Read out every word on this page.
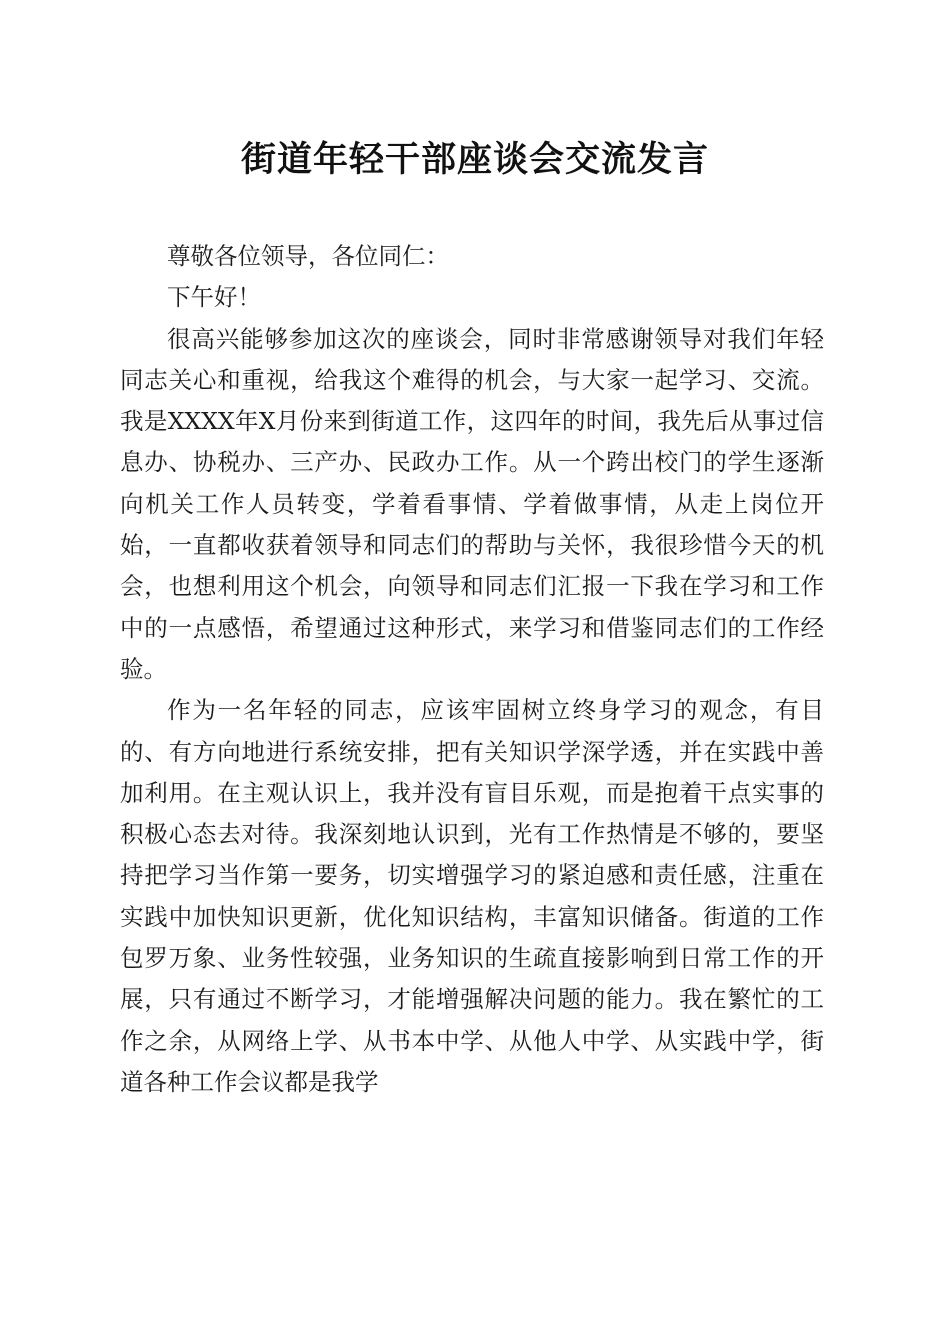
街道年轻干部座谈会交流发言

尊敬各位领导，各位同仁：

下午好！

很高兴能够参加这次的座谈会，同时非常感谢领导对我们年轻同志关心和重视，给我这个难得的机会，与大家一起学习、交流。我是XXXX年X月份来到街道工作，这四年的时间，我先后从事过信息办、协税办、三产办、民政办工作。从一个跨出校门的学生逐渐向机关工作人员转变，学着看事情、学着做事情，从走上岗位开始，一直都收获着领导和同志们的帮助与关怀，我很珍惜今天的机会，也想利用这个机会，向领导和同志们汇报一下我在学习和工作中的一点感悟，希望通过这种形式，来学习和借鉴同志们的工作经验。

作为一名年轻的同志，应该牢固树立终身学习的观念，有目的、有方向地进行系统安排，把有关知识学深学透，并在实践中善加利用。在主观认识上，我并没有盲目乐观，而是抱着干点实事的积极心态去对待。我深刻地认识到，光有工作热情是不够的，要坚持把学习当作第一要务，切实增强学习的紧迫感和责任感，注重在实践中加快知识更新，优化知识结构，丰富知识储备。街道的工作包罗万象、业务性较强，业务知识的生疏直接影响到日常工作的开展，只有通过不断学习，才能增强解决问题的能力。我在繁忙的工作之余，从网络上学、从书本中学、从他人中学、从实践中学，街道各种工作会议都是我学
